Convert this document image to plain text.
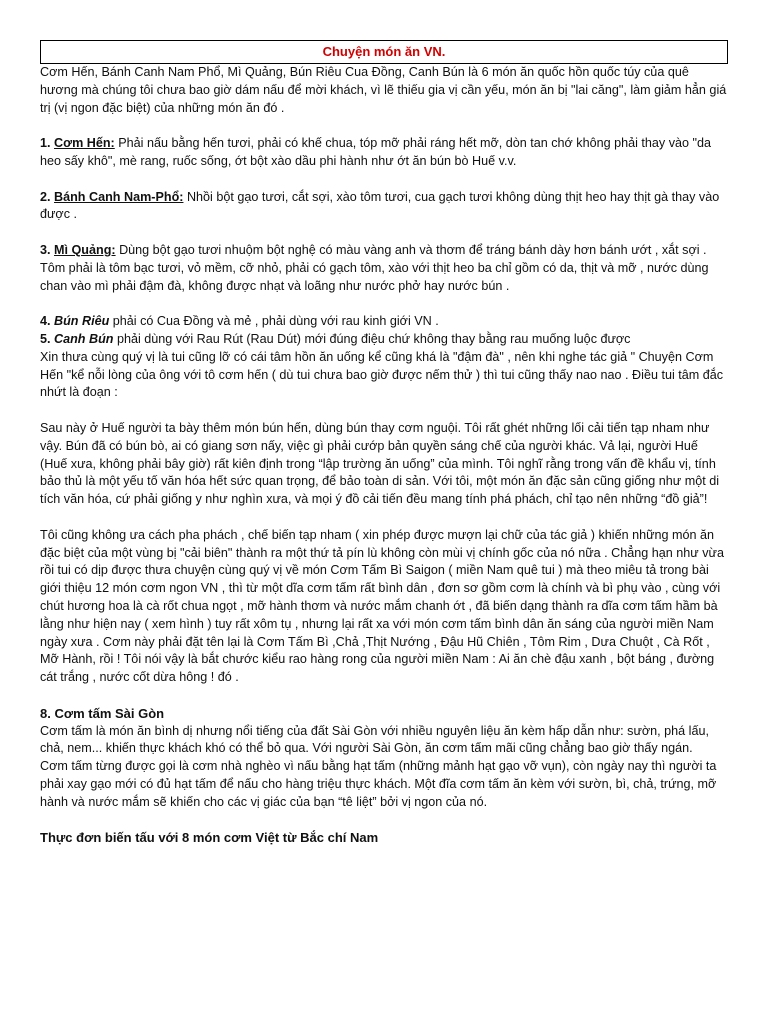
Chuyện món ăn VN.

Cơm Hến, Bánh Canh Nam Phổ, Mì Quảng, Bún Riêu Cua Đồng, Canh Bún là 6 món ăn quốc hồn quốc túy của quê hương mà chúng tôi chưa bao giờ dám nấu để mời khách, vì lẽ thiếu gia vị cần yếu, món ăn bị "lai căng", làm giảm hẳn giá trị (vị ngon đặc biệt) của những món ăn đó .

1. Cơm Hến: Phải nấu bằng hến tươi, phải có khế chua, tóp mỡ phải ráng hết mỡ, dòn tan chớ không phải thay vào "da heo sấy khô", mè rang, ruốc sống, ớt bột xào dầu phi hành như ớt ăn bún bò Huế v.v.

2. Bánh Canh Nam-Phổ: Nhồi bột gạo tươi, cắt sợi, xào tôm tươi, cua gạch tươi không dùng thịt heo hay thịt gà thay vào được .

3. Mì Quảng: Dùng bột gạo tươi nhuộm bột nghệ có màu vàng anh và thơm để tráng bánh dày hơn bánh ướt , xắt sợi . Tôm phải là tôm bạc tươi, vỏ mềm, cỡ nhỏ, phải có gạch tôm, xào với thịt heo ba chỉ gồm có da, thịt và mỡ , nước dùng chan vào mì phải đậm đà, không được nhạt và loãng như nước phở hay nước bún .

4. Bún Riêu phải có Cua Đồng và mẻ , phải dùng với rau kinh giới VN .

5. Canh Bún phải dùng với Rau Rút (Rau Dút) mới đúng điệu chứ không thay bằng rau muống luộc được

Xin thưa cùng quý vị là tui cũng lỡ có cái tâm hồn ăn uống kể cũng khá là "đậm đà" , nên khi nghe tác giả " Chuyện Cơm Hến "kể nỗi lòng của ông với tô cơm hến ( dù tui chưa bao giờ được nếm thử ) thì tui cũng thấy nao nao . Điều tui tâm đắc nhứt là đoạn :

Sau này ở Huế người ta bày thêm món bún hến, dùng bún thay cơm nguội. Tôi rất ghét những lối cải tiến tạp nham như vậy. Bún đã có bún bò, ai có giang sơn nấy, việc gì phải cướp bản quyền sáng chế của người khác. Vả lại, người Huế (Huế xưa, không phải bây giờ) rất kiên định trong “lập trường ăn uống” của mình. Tôi nghĩ rằng trong vấn đề khẩu vị, tính bảo thủ là một yếu tố văn hóa hết sức quan trọng, để bảo toàn di sản. Với tôi, một món ăn đặc sản cũng giống như một di tích văn hóa, cứ phải giống y như nghìn xưa, và mọi ý đồ cải tiến đều mang tính phá phách, chỉ tạo nên những “đồ giả”!

Tôi cũng không ưa cách pha phách , chế biến tạp nham ( xin phép được mượn lại chữ của tác giả ) khiến những món ăn đặc biệt của một vùng bị "cải biên" thành ra một thứ tả pín lù không còn mùi vị chính gốc của nó nữa . Chẳng hạn như vừa rồi tui có dịp được thưa chuyện cùng quý vị về món Cơm Tấm Bì Saigon ( miền Nam quê tui ) mà theo miêu tả trong bài giới thiệu 12 món cơm ngon VN , thì từ một dĩa cơm tấm rất bình dân , đơn sơ gồm cơm là chính và bì phụ vào , cùng với chút hương hoa là cà rốt chua ngọt , mỡ hành thơm và nước mắm chanh ớt , đã biến dạng thành ra dĩa cơm tấm hầm bà lằng như hiện nay ( xem hình ) tuy rất xôm tụ , nhưng lại rất xa với món cơm tấm bình dân ăn sáng của người miền Nam ngày xưa . Cơm này phải đặt tên lại là Cơm Tấm Bì ,Chả ,Thịt Nướng , Đậu Hũ Chiên , Tôm Rim , Dưa Chuột , Cà Rốt , Mỡ Hành, rồi ! Tôi nói vậy là bắt chước kiểu rao hàng rong của người miền Nam : Ai ăn chè đậu xanh , bột báng , đường cát trắng , nước cốt dừa hông ! đó .

8. Cơm tấm Sài Gòn

Cơm tấm là món ăn bình dị nhưng nổi tiếng của đất Sài Gòn với nhiều nguyên liệu ăn kèm hấp dẫn như: sườn, phá lấu, chả, nem... khiến thực khách khó có thể bỏ qua. Với người Sài Gòn, ăn cơm tấm mãi cũng chẳng bao giờ thấy ngán.

Cơm tấm từng được gọi là cơm nhà nghèo vì nấu bằng hạt tấm (những mảnh hạt gạo vỡ vụn), còn ngày nay thì người ta phải xay gạo mới có đủ hạt tấm để nấu cho hàng triệu thực khách. Một đĩa cơm tấm ăn kèm với sườn, bì, chả, trứng, mỡ hành và nước mắm sẽ khiến cho các vị giác của bạn “tê liệt” bởi vị ngon của nó.

Thực đơn biến tấu với 8 món cơm Việt từ Bắc chí Nam
